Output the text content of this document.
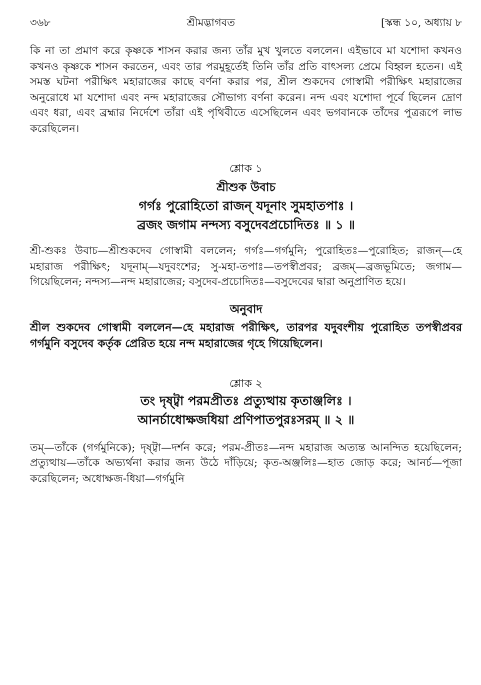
৩৬৮	শ্রীমদ্ভাগবত	[স্কন্ধ ১০, অধ্যায় ৮

কি না তা প্রমাণ করে কৃষ্ণকে শাসন করার জন্য তাঁর মুখ খুলতে বললেন। এইভাবে মা যশোদা কখনও কখনও কৃষ্ণকে শাসন করতেন, এবং তার পরমুহূর্তেই তিনি তাঁর প্রতি বাৎসল্য প্রেমে বিহ্বল হতেন। এই সমস্ত ঘটনা পরীক্ষিৎ মহারাজের কাছে বর্ণনা করার পর, শ্রীল শুকদেব গোস্বামী পরীক্ষিৎ মহারাজের অনুরোধে মা যশোদা এবং নন্দ মহারাজের সৌভাগ্য বর্ণনা করেন। নন্দ এবং যশোদা পূর্বে ছিলেন দ্রোণ এবং ধরা, এবং ব্রহ্মার নির্দেশে তাঁরা এই পৃথিবীতে এসেছিলেন এবং ভগবানকে তাঁদের পুত্ররূপে লাভ করেছিলেন।

শ্লোক ১
শ্রীশুক উবাচ
গর্গঃ পুরোহিতো রাজন্ যদূনাং সুমহাতপাঃ ।
ব্রজং জগাম নন্দস্য বসুদেবপ্রচোদিতঃ ॥ ১ ॥

শ্রী-শুকঃ উবাচ—শ্রীশুকদেব গোস্বামী বললেন; গর্গঃ—গর্গমুনি; পুরোহিতঃ—পুরোহিত; রাজন্—হে মহারাজ পরীক্ষিৎ; যদূনাম্—যদুবংশের; সু-মহা-তপাঃ—তপস্বীপ্রবর; ব্রজম্—ব্রজভূমিতে; জগাম—গিয়েছিলেন; নন্দস্য—নন্দ মহারাজের; বসুদেব-প্রচোদিতঃ—বসুদেবের দ্বারা অনুপ্রাণিত হয়ে।

অনুবাদ

শ্রীল শুকদেব গোস্বামী বললেন—হে মহারাজ পরীক্ষিৎ, তারপর যদুবংশীয় পুরোহিত তপস্বীপ্রবর গর্গমুনি বসুদেব কর্তৃক প্রেরিত হয়ে নন্দ মহারাজের গৃহে গিয়েছিলেন।

শ্লোক ২
তং দৃষ্ট্বা পরমপ্রীতঃ প্রত্যুত্থায় কৃতাঞ্জলিঃ ।
আনর্চাধোক্ষজধিয়া প্রণিপাতপুরঃসরম্ ॥ ২ ॥

তম্—তাঁকে (গর্গমুনিকে); দৃষ্ট্বা—দর্শন করে; পরম-প্রীতঃ—নন্দ মহারাজ অত্যন্ত আনন্দিত হয়েছিলেন; প্রত্যুত্থায়—তাঁকে অভ্যর্থনা করার জন্য উঠে দাঁড়িয়ে; কৃত-অঞ্জলিঃ—হাত জোড় করে; আনর্চ—পূজা করেছিলেন; অধোক্ষজ-ধিয়া—গর্গমুনি
